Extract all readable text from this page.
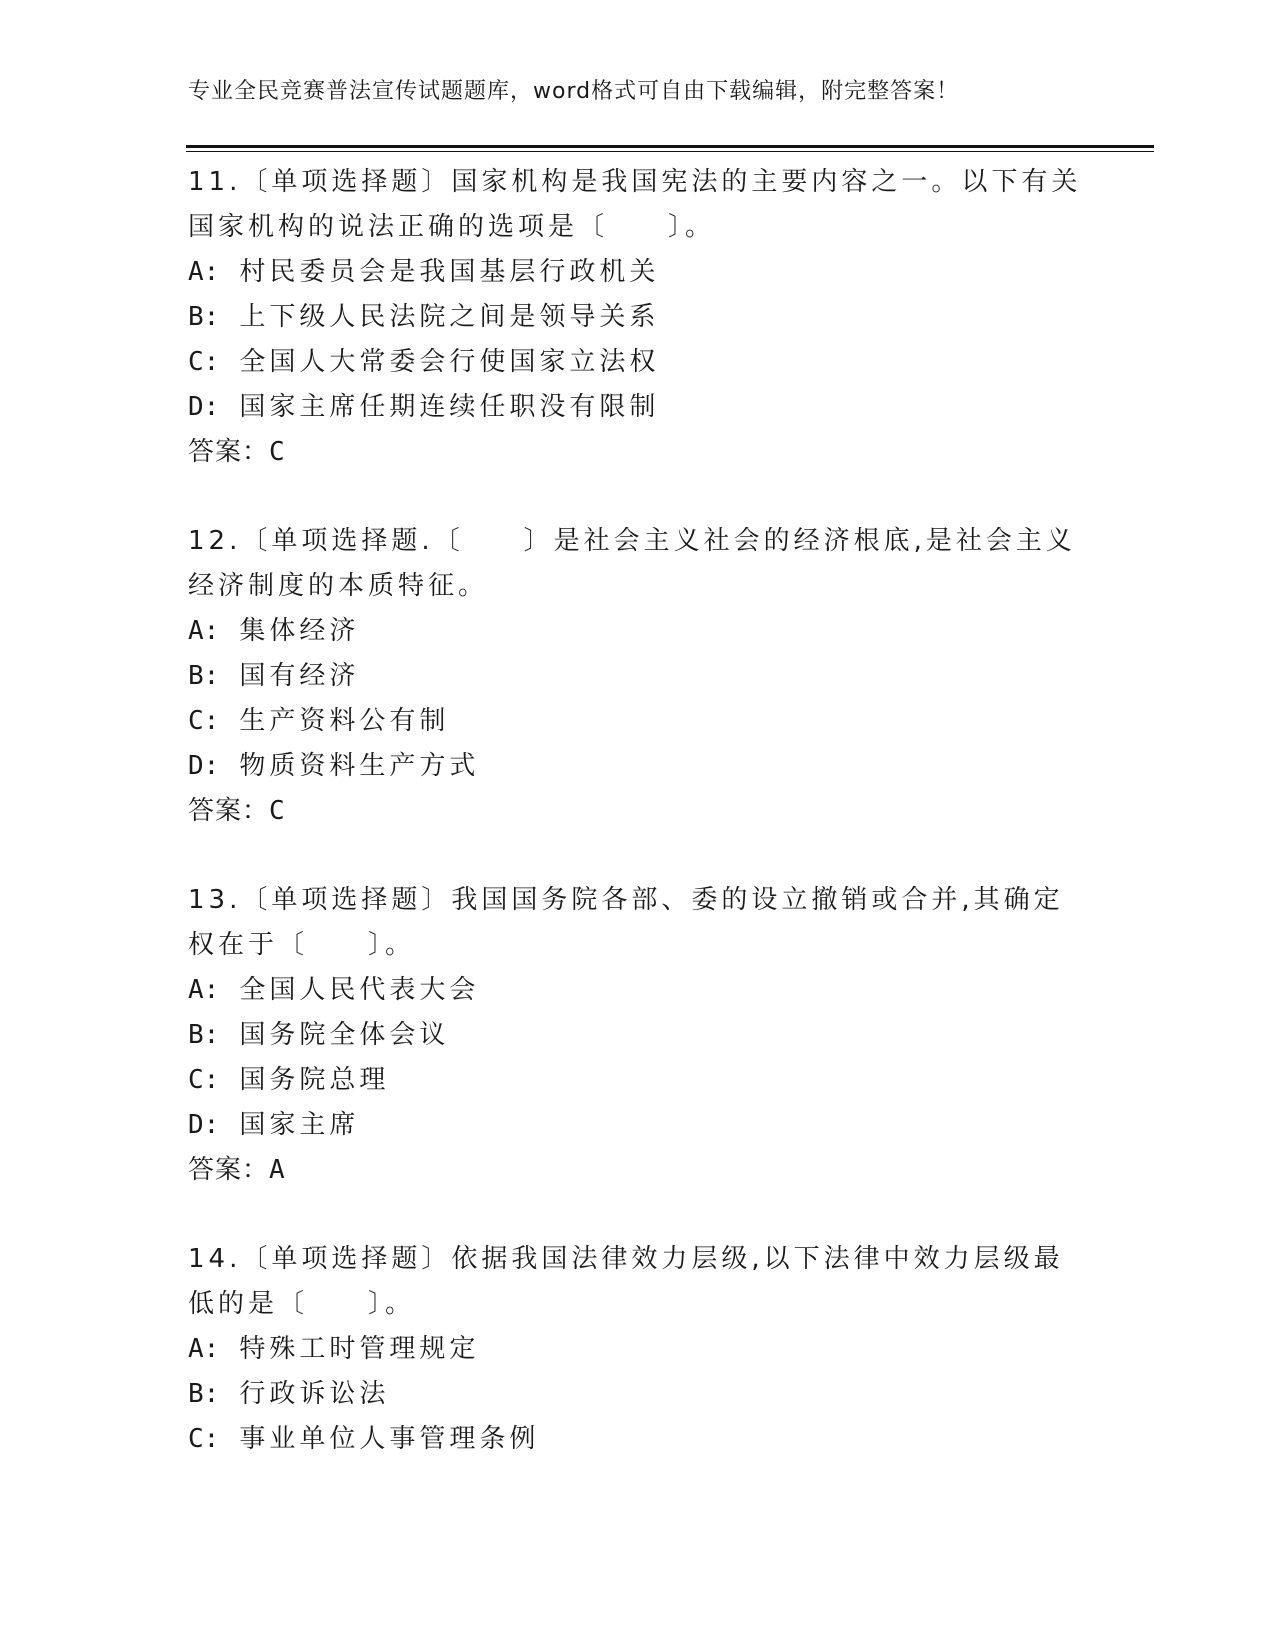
专业全民竞赛普法宣传试题题库，word格式可自由下载编辑，附完整答案！

11.〔单项选择题〕国家机构是我国宪法的主要内容之一。以下有关国家机构的说法正确的选项是〔　　〕。

A: 村民委员会是我国基层行政机关
B: 上下级人民法院之间是领导关系
C: 全国人大常委会行使国家立法权
D: 国家主席任期连续任职没有限制
答案：C

12.〔单项选择题.〔　　〕是社会主义社会的经济根底,是社会主义经济制度的本质特征。

A: 集体经济
B: 国有经济
C: 生产资料公有制
D: 物质资料生产方式
答案：C

13.〔单项选择题〕我国国务院各部、委的设立撤销或合并,其确定权在于〔　　〕。

A: 全国人民代表大会
B: 国务院全体会议
C: 国务院总理
D: 国家主席
答案：A

14.〔单项选择题〕依据我国法律效力层级,以下法律中效力层级最低的是〔　　〕。

A: 特殊工时管理规定
B: 行政诉讼法
C: 事业单位人事管理条例
